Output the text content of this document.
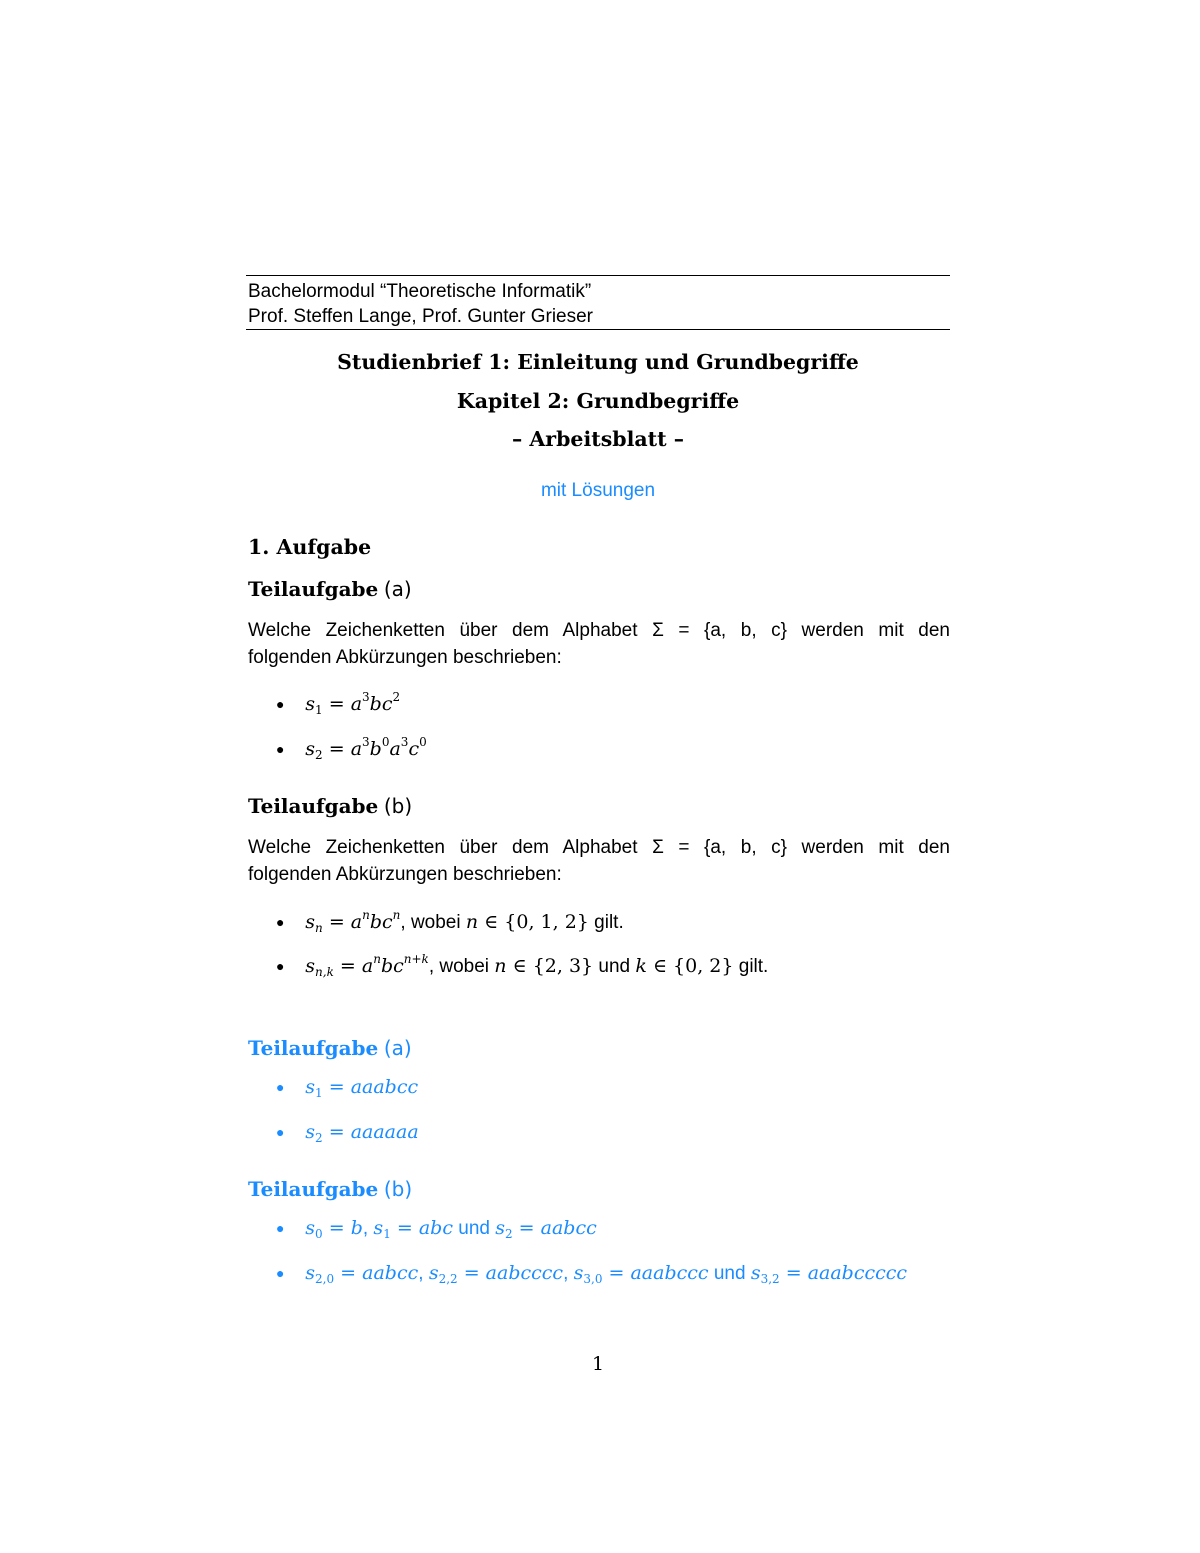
Bachelormodul “Theoretische Informatik”
Prof. Steffen Lange, Prof. Gunter Grieser
Studienbrief 1: Einleitung und Grundbegriffe
Kapitel 2: Grundbegriffe
– Arbeitsblatt –
mit Lösungen
1. Aufgabe
Teilaufgabe (a)
Welche Zeichenketten über dem Alphabet Σ = {a, b, c} werden mit den
folgenden Abkürzungen beschrieben:
● $s_1 = a^3bc^2$
● $s_2 = a^3b^0a^3c^0$
Teilaufgabe (b)
Welche Zeichenketten über dem Alphabet Σ = {a, b, c} werden mit den
folgenden Abkürzungen beschrieben:
● $s_n = a^nbc^n$, wobei n ∈ {0, 1, 2} gilt.
● $s_{n,k} = a^nbc^{n+k}$, wobei n ∈ {2, 3} und k ∈ {0, 2} gilt.
Teilaufgabe (a)
● $s_1$ = aaabcc
● $s_2$ = aaaaaa
Teilaufgabe (b)
● $s_0 = b$, $s_1$ = abc und $s_2$ = aabcc
● $s_{2,0}$ = aabcc, $s_{2,2}$ = aabcccc, $s_{3,0}$ = aaabccc und $s_{3,2}$ = aaabccccc
1
